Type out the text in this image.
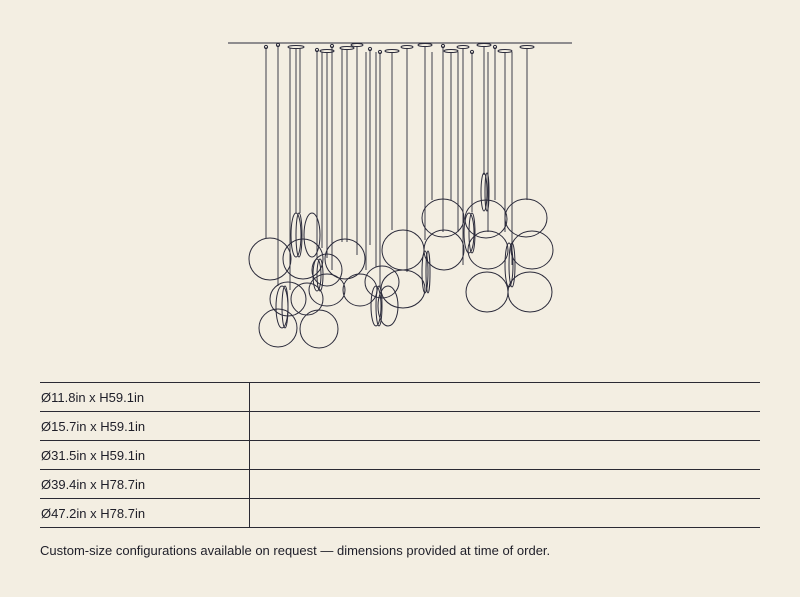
Ø11.8in x H59.1in	
Ø15.7in x H59.1in	
Ø31.5in x H59.1in	
Ø39.4in x H78.7in	
Ø47.2in x H78.7in	
Custom-size configurations available on request — dimensions provided at time of order.
